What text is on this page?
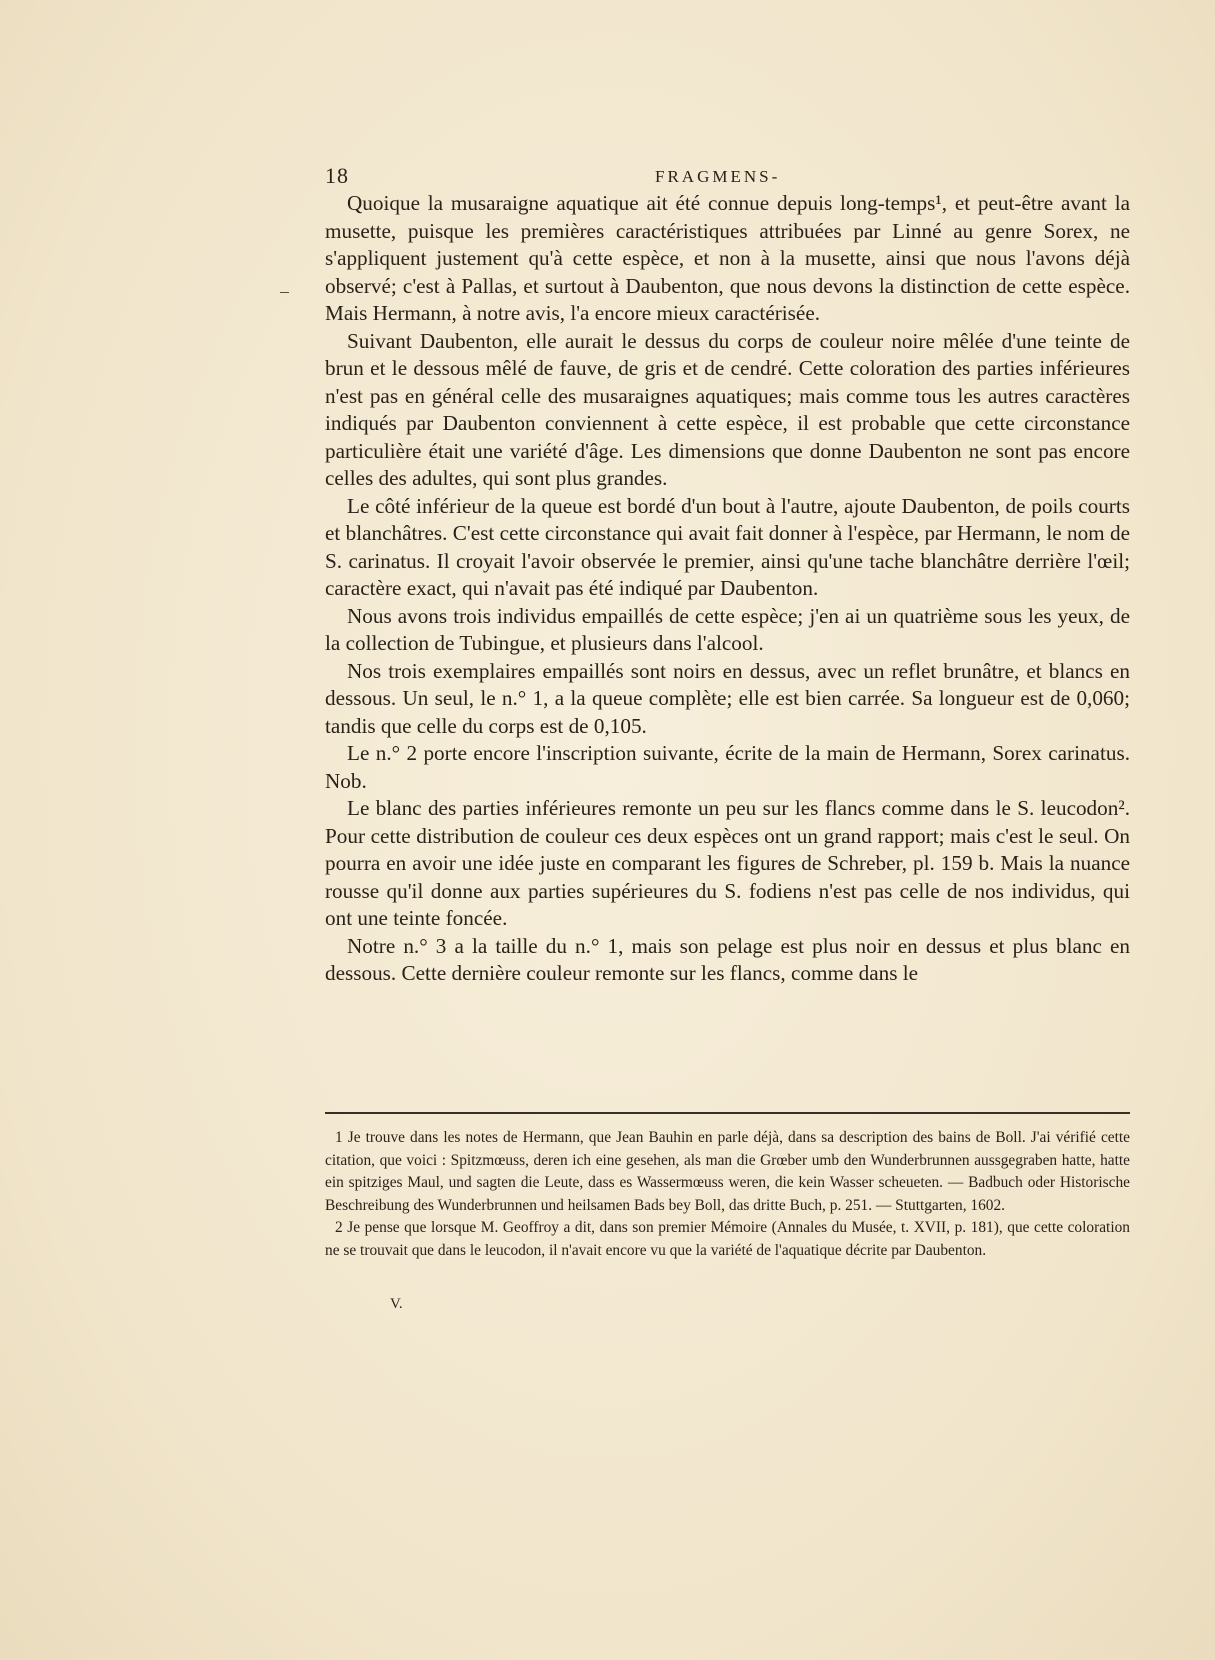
18	FRAGMENS-

Quoique la musaraigne aquatique ait été connue depuis long-temps¹, et peut-être avant la musette, puisque les premières caractéristiques attribuées par Linné au genre Sorex, ne s'appliquent justement qu'à cette espèce, et non à la musette, ainsi que nous l'avons déjà observé; c'est à Pallas, et surtout à Daubenton, que nous devons la distinction de cette espèce. Mais Hermann, à notre avis, l'a encore mieux caractérisée.

Suivant Daubenton, elle aurait le dessus du corps de couleur noire mêlée d'une teinte de brun et le dessous mêlé de fauve, de gris et de cendré. Cette coloration des parties inférieures n'est pas en général celle des musaraignes aquatiques; mais comme tous les autres caractères indiqués par Daubenton conviennent à cette espèce, il est probable que cette circonstance particulière était une variété d'âge. Les dimensions que donne Daubenton ne sont pas encore celles des adultes, qui sont plus grandes.

Le côté inférieur de la queue est bordé d'un bout à l'autre, ajoute Daubenton, de poils courts et blanchâtres. C'est cette circonstance qui avait fait donner à l'espèce, par Hermann, le nom de S. carinatus. Il croyait l'avoir observée le premier, ainsi qu'une tache blanchâtre derrière l'œil; caractère exact, qui n'avait pas été indiqué par Daubenton.

Nous avons trois individus empaillés de cette espèce; j'en ai un quatrième sous les yeux, de la collection de Tubingue, et plusieurs dans l'alcool.

Nos trois exemplaires empaillés sont noirs en dessus, avec un reflet brunâtre, et blancs en dessous. Un seul, le n.° 1, a la queue complète; elle est bien carrée. Sa longueur est de 0,060; tandis que celle du corps est de 0,105.

Le n.° 2 porte encore l'inscription suivante, écrite de la main de Hermann, Sorex carinatus. Nob.

Le blanc des parties inférieures remonte un peu sur les flancs comme dans le S. leucodon². Pour cette distribution de couleur ces deux espèces ont un grand rapport; mais c'est le seul. On pourra en avoir une idée juste en comparant les figures de Schreber, pl. 159 b. Mais la nuance rousse qu'il donne aux parties supérieures du S. fodiens n'est pas celle de nos individus, qui ont une teinte foncée.

Notre n.° 3 a la taille du n.° 1, mais son pelage est plus noir en dessus et plus blanc en dessous. Cette dernière couleur remonte sur les flancs, comme dans le

1 Je trouve dans les notes de Hermann, que Jean Bauhin en parle déjà, dans sa description des bains de Boll. J'ai vérifié cette citation, que voici : Spitzmœuss, deren ich eine gesehen, als man die Grœber umb den Wunderbrunnen aussgegraben hatte, hatte ein spitziges Maul, und sagten die Leute, dass es Wassermœuss weren, die kein Wasser scheueten. — Badbuch oder Historische Beschreibung des Wunderbrunnen und heilsamen Bads bey Boll, das dritte Buch, p. 251. — Stuttgarten, 1602.

2 Je pense que lorsque M. Geoffroy a dit, dans son premier Mémoire (Annales du Musée, t. XVII, p. 181), que cette coloration ne se trouvait que dans le leucodon, il n'avait encore vu que la variété de l'aquatique décrite par Daubenton.

V.
